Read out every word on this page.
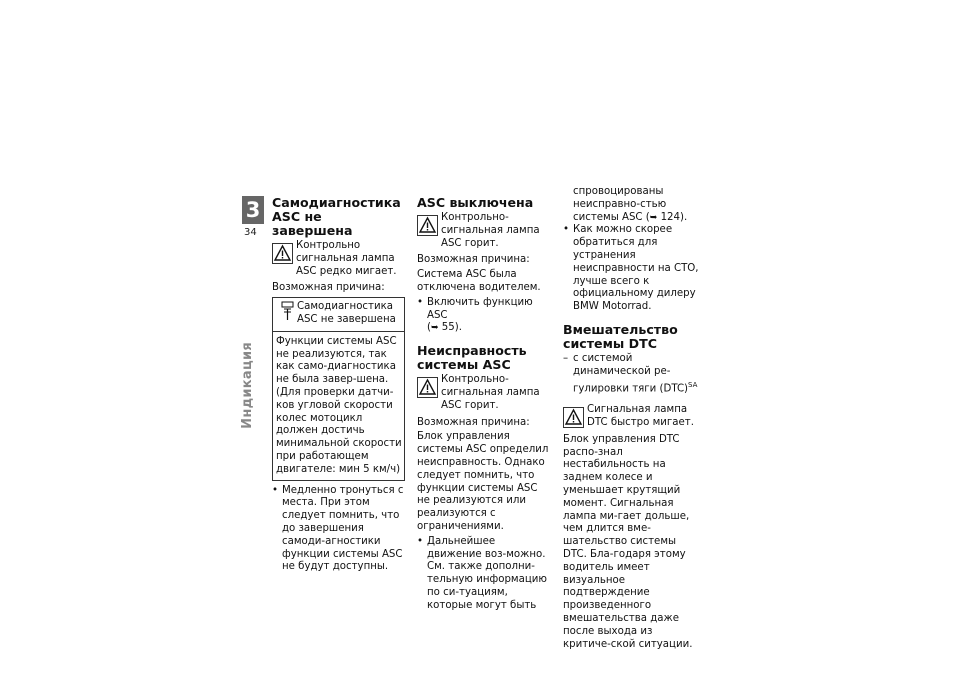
3
34
Индикация
Самодиагностика ASC не завершена
Контрольно сигнальная лампа ASC редко мигает.

Возможная причина:

Самодиагностика ASC не завершена
Функции системы ASC не реализуются, так как само-диагностика не была завер-шена. (Для проверки датчи-ков угловой скорости колес мотоцикл должен достичь минимальной скорости при работающем двигателе: мин 5 км/ч)
• Медленно тронуться с места. При этом следует помнить, что до завершения самоди-агностики функции системы ASC не будут доступны.
ASC выключена
Контрольно-сигнальная лампа ASC горит.

Возможная причина:

Система ASC была отключена водителем.

• Включить функцию ASC
(➥ 55).
Неисправность системы ASC
Контрольно-сигнальная лампа ASC горит.

Возможная причина:

Блок управления системы ASC определил неисправность. Однако следует помнить, что функции системы ASC не реализуются или реализуются с ограничениями.

• Дальнейшее движение воз-можно. См. также дополни-тельную информацию по си-туациям, которые могут быть
спровоцированы неисправно-стью системы ASC (➥ 124).
• Как можно скорее обратиться для устранения неисправности на СТО, лучше всего к официальному дилеру BMW Motorrad.
Вмешательство системы DTC
– с системой динамической ре-гулировки тяги (DTC)$^{SA}$
Сигнальная лампа DTC быстро мигает.

Блок управления DTC распо-знал нестабильность на заднем колесе и уменьшает крутящий момент. Сигнальная лампа ми-гает дольше, чем длится вме-шательство системы DTC. Бла-годаря этому водитель имеет визуальное подтверждение произведенного вмешательства даже после выхода из критиче-ской ситуации.
